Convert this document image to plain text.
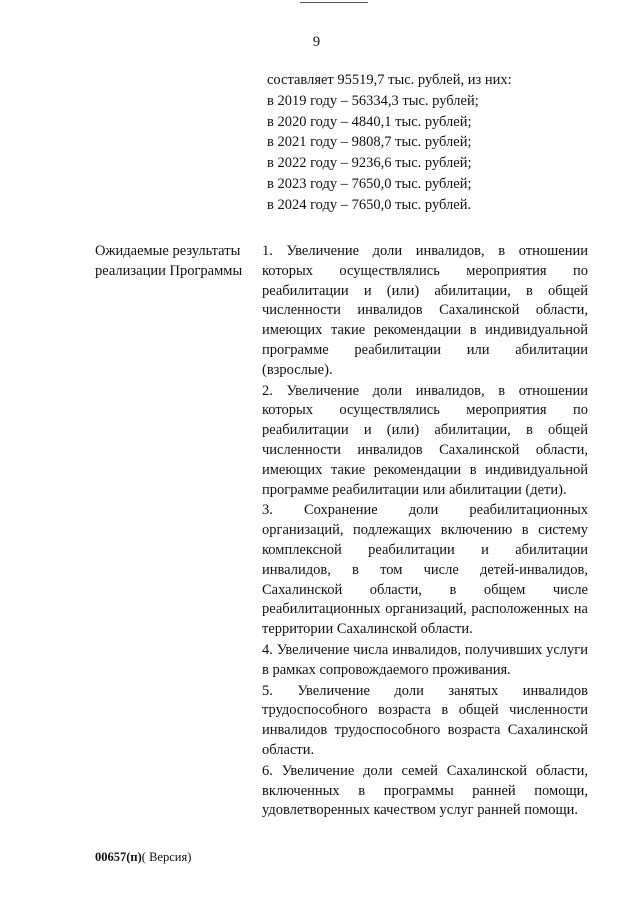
9
составляет 95519,7 тыс. рублей, из них:
в 2019 году – 56334,3 тыс. рублей;
в 2020 году – 4840,1 тыс. рублей;
в 2021 году – 9808,7 тыс. рублей;
в 2022 году – 9236,6 тыс. рублей;
в 2023 году – 7650,0 тыс. рублей;
в 2024 году – 7650,0 тыс. рублей.
Ожидаемые результаты
реализации Программы
1. Увеличение доли инвалидов, в отношении которых осуществлялись мероприятия по реабилитации и (или) абилитации, в общей численности инвалидов Сахалинской области, имеющих такие рекомендации в индивидуальной программе реабилитации или абилитации (взрослые).
2. Увеличение доли инвалидов, в отношении которых осуществлялись мероприятия по реабилитации и (или) абилитации, в общей численности инвалидов Сахалинской области, имеющих такие рекомендации в индивидуальной программе реабилитации или абилитации (дети).
3. Сохранение доли реабилитационных организаций, подлежащих включению в систему комплексной реабилитации и абилитации инвалидов, в том числе детей-инвалидов, Сахалинской области, в общем числе реабилитационных организаций, расположенных на территории Сахалинской области.
4. Увеличение числа инвалидов, получивших услуги в рамках сопровождаемого проживания.
5. Увеличение доли занятых инвалидов трудоспособного возраста в общей численности инвалидов трудоспособного возраста Сахалинской области.
6. Увеличение доли семей Сахалинской области, включенных в программы ранней помощи, удовлетворенных качеством услуг ранней помощи.
00657(п)( Версия)
